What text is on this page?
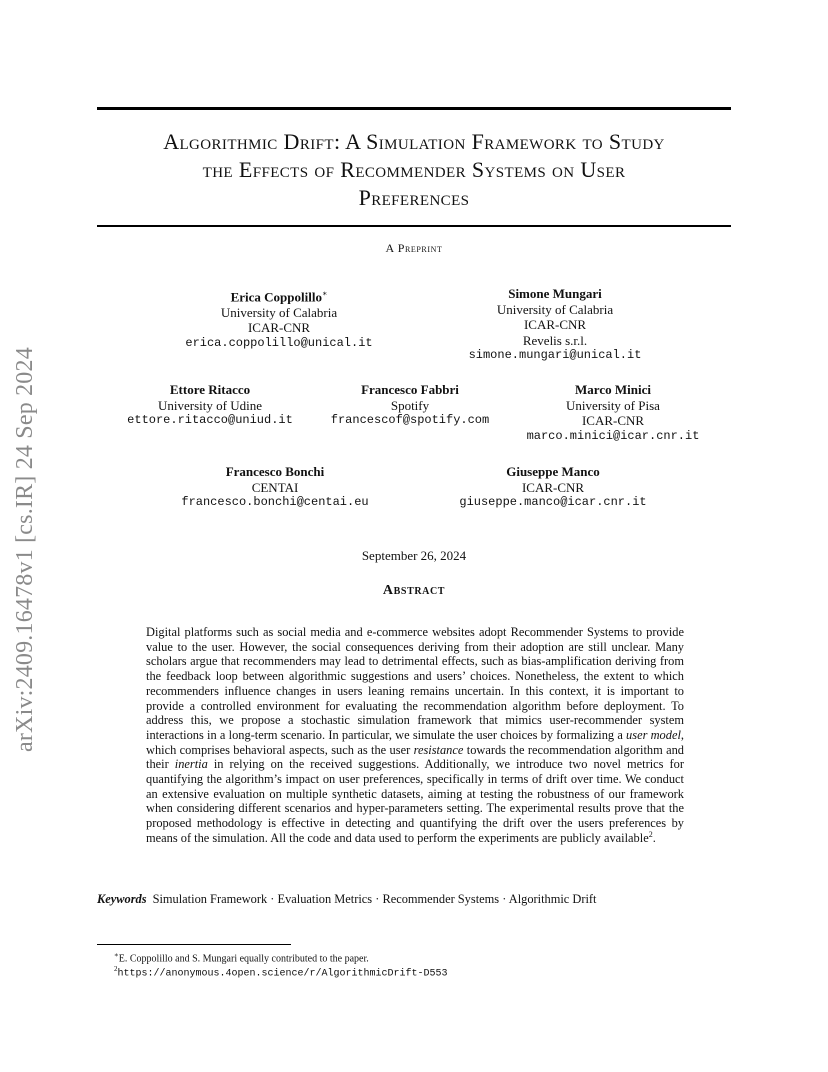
arXiv:2409.16478v1 [cs.IR] 24 Sep 2024
Algorithmic Drift: A Simulation Framework to Study
the Effects of Recommender Systems on User
Preferences
A Preprint
Erica Coppolillo∗
University of Calabria
ICAR-CNR
erica.coppolillo@unical.it
Simone Mungari
University of Calabria
ICAR-CNR
Revelis s.r.l.
simone.mungari@unical.it
Ettore Ritacco
University of Udine
ettore.ritacco@uniud.it
Francesco Fabbri
Spotify
francescof@spotify.com
Marco Minici
University of Pisa
ICAR-CNR
marco.minici@icar.cnr.it
Francesco Bonchi
CENTAI
francesco.bonchi@centai.eu
Giuseppe Manco
ICAR-CNR
giuseppe.manco@icar.cnr.it
September 26, 2024
Abstract

Digital platforms such as social media and e-commerce websites adopt Recommender Systems to provide value to the user. However, the social consequences deriving from their adoption are still unclear. Many scholars argue that recommenders may lead to detrimental effects, such as bias-amplification deriving from the feedback loop between algorithmic suggestions and users’ choices. Nonetheless, the extent to which recommenders influence changes in users leaning remains uncertain. In this context, it is important to provide a controlled environment for evaluating the recommendation algorithm before deployment. To address this, we propose a stochastic simulation framework that mimics user-recommender system interactions in a long-term scenario. In particular, we simulate the user choices by formalizing a user model, which comprises behavioral aspects, such as the user resistance towards the recommendation algorithm and their inertia in relying on the received suggestions. Additionally, we introduce two novel metrics for quantifying the algorithm’s impact on user preferences, specifically in terms of drift over time. We conduct an extensive evaluation on multiple synthetic datasets, aiming at testing the robustness of our framework when considering different scenarios and hyper-parameters setting. The experimental results prove that the proposed methodology is effective in detecting and quantifying the drift over the users preferences by means of the simulation. All the code and data used to perform the experiments are publicly available$^2$.

Keywords Simulation Framework · Evaluation Metrics · Recommender Systems · Algorithmic Drift
∗E. Coppolillo and S. Mungari equally contributed to the paper.
$^2$https://anonymous.4open.science/r/AlgorithmicDrift-D553
